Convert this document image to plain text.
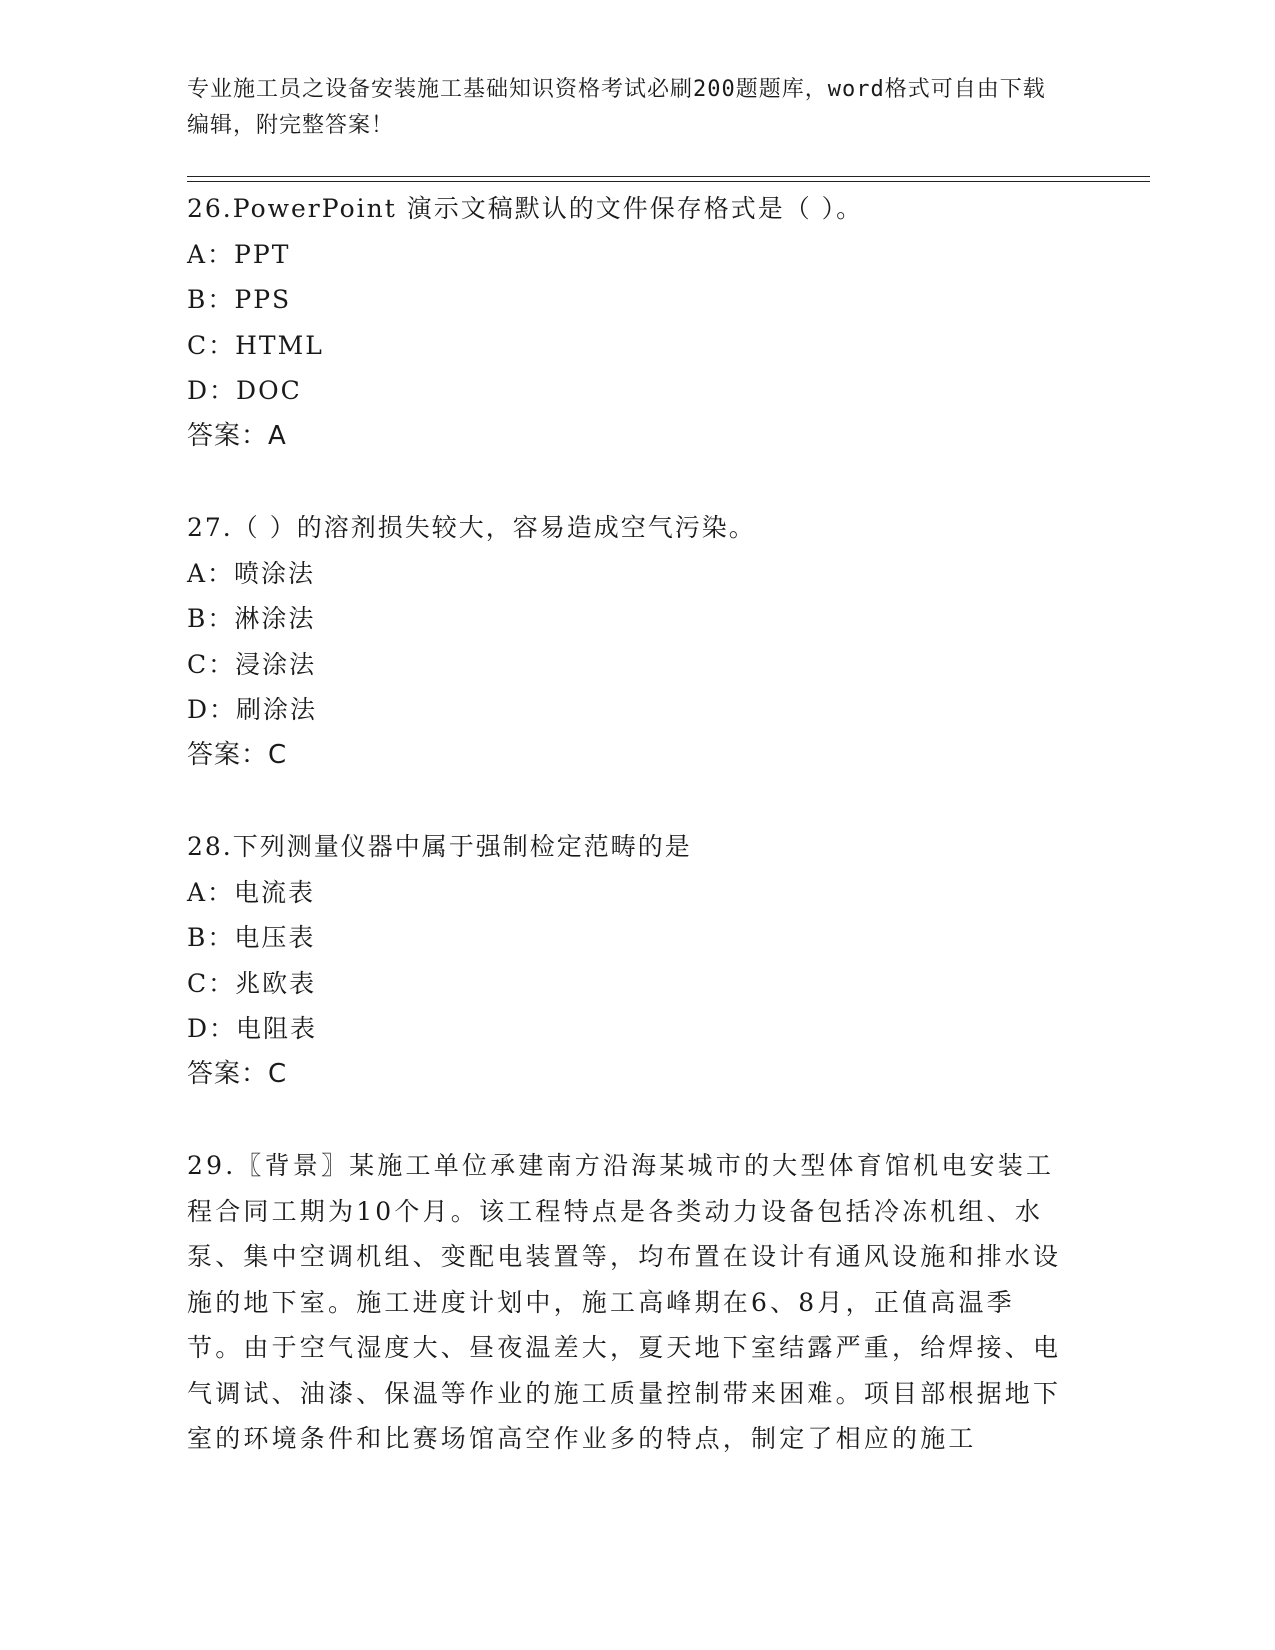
专业施工员之设备安装施工基础知识资格考试必刷200题题库，word格式可自由下载编辑，附完整答案！
26.PowerPoint 演示文稿默认的文件保存格式是（ ）。
A：PPT
B：PPS
C：HTML
D：DOC
答案：A
27.（ ）的溶剂损失较大，容易造成空气污染。
A：喷涂法
B：淋涂法
C：浸涂法
D：刷涂法
答案：C
28.下列测量仪器中属于强制检定范畴的是
A：电流表
B：电压表
C：兆欧表
D：电阻表
答案：C

29.〖背景〗某施工单位承建南方沿海某城市的大型体育馆机电安装工程合同工期为10个月。该工程特点是各类动力设备包括冷冻机组、水泵、集中空调机组、变配电装置等，均布置在设计有通风设施和排水设施的地下室。施工进度计划中，施工高峰期在6、8月，正值高温季节。由于空气湿度大、昼夜温差大，夏天地下室结露严重，给焊接、电气调试、油漆、保温等作业的施工质量控制带来困难。项目部根据地下室的环境条件和比赛场馆高空作业多的特点，制定了相应的施工
